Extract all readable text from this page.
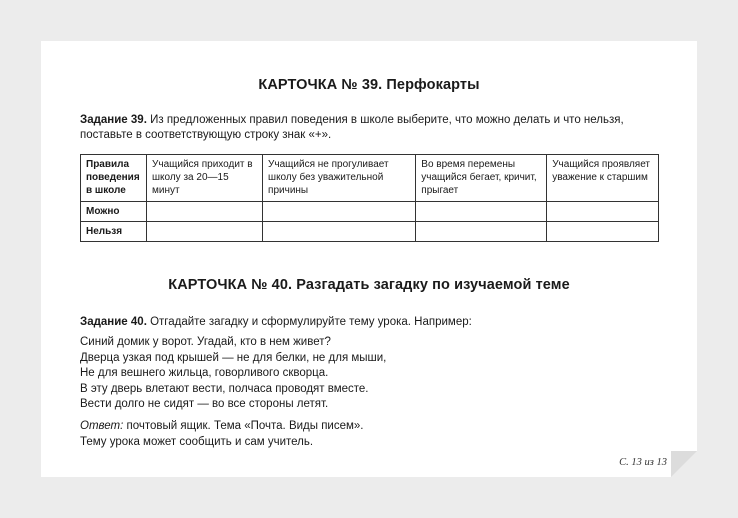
КАРТОЧКА № 39. Перфокарты
Задание 39. Из предложенных правил поведения в школе выберите, что можно делать и что нельзя, поставьте в соответствующую строку знак «+».
Правила поведения в школе	Учащийся приходит в школу за 20—15 минут	Учащийся не прогуливает школу без уважительной причины	Во время перемены учащийся бегает, кричит, прыгает	Учащийся проявляет уважение к старшим
Можно				
Нельзя				
КАРТОЧКА № 40. Разгадать загадку по изучаемой теме
Задание 40. Отгадайте загадку и сформулируйте тему урока. Например:
Синий домик у ворот. Угадай, кто в нем живет?
Дверца узкая под крышей — не для белки, не для мыши,
Не для вешнего жильца, говорливого скворца.
В эту дверь влетают вести, полчаса проводят вместе.
Вести долго не сидят — во все стороны летят.
Ответ: почтовый ящик. Тема «Почта. Виды писем».
Тему урока может сообщить и сам учитель.
С. 13 из 13
